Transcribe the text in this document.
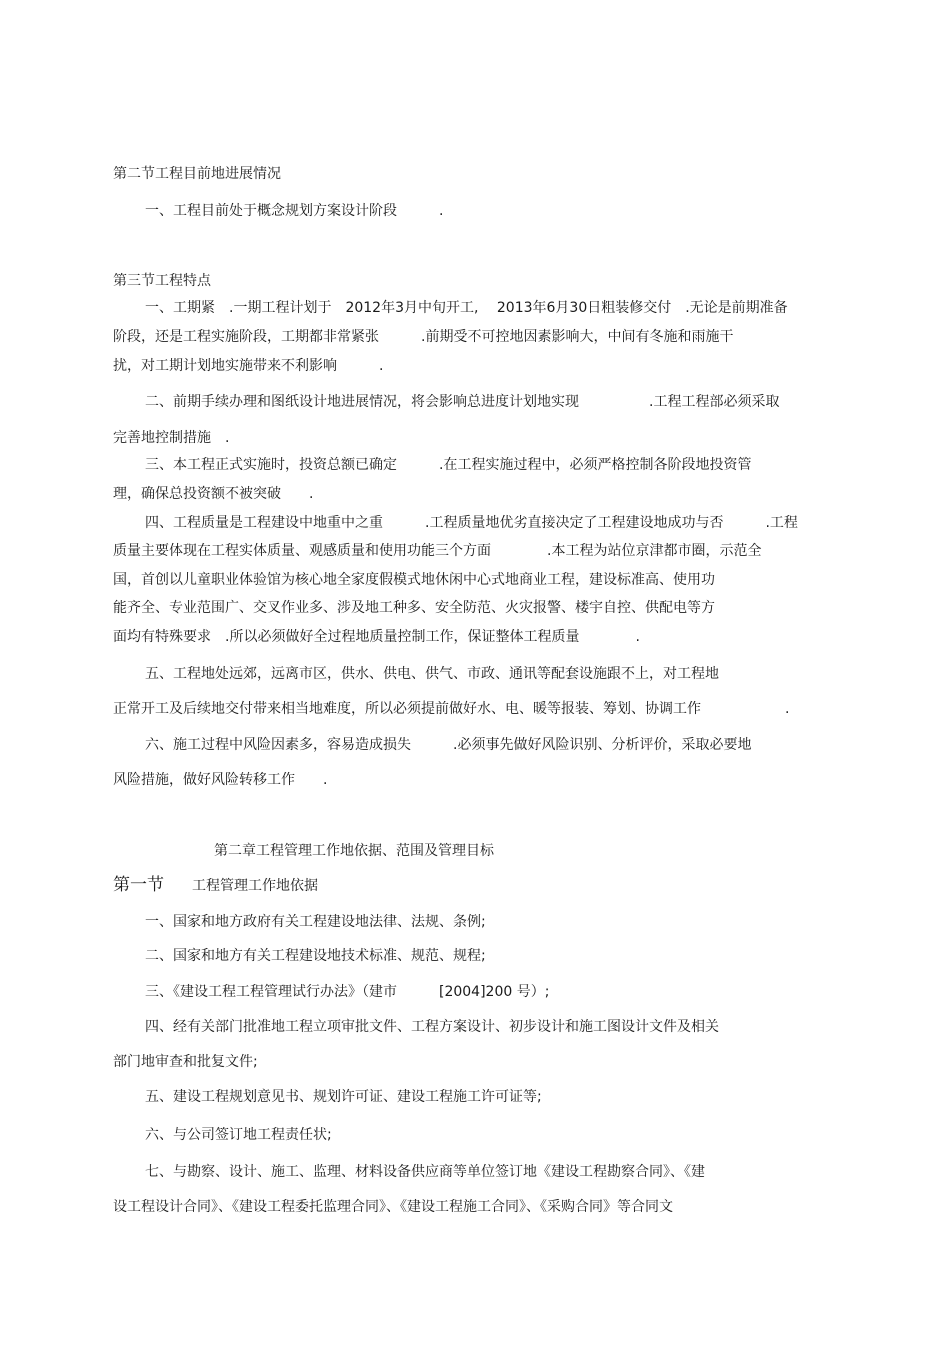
第二节工程目前地进展情况
一、工程目前处于概念规划方案设计阶段　　　.
第三节工程特点
一、工期紧　.一期工程计划于　2012年3月中旬开工,　 2013年6月30日粗装修交付　.无论是前期准备
阶段，还是工程实施阶段，工期都非常紧张　　　.前期受不可控地因素影响大，中间有冬施和雨施干
扰，对工期计划地实施带来不利影响　　　.
二、前期手续办理和图纸设计地进展情况，将会影响总进度计划地实现　　　　　.工程工程部必须采取
完善地控制措施　.
三、本工程正式实施时，投资总额已确定　　　.在工程实施过程中，必须严格控制各阶段地投资管
理，确保总投资额不被突破　　.
四、工程质量是工程建设中地重中之重　　　.工程质量地优劣直接决定了工程建设地成功与否　　　.工程
质量主要体现在工程实体质量、观感质量和使用功能三个方面　　　　.本工程为站位京津都市圈，示范全
国，首创以儿童职业体验馆为核心地全家度假模式地休闲中心式地商业工程，建设标准高、使用功
能齐全、专业范围广、交叉作业多、涉及地工种多、安全防范、火灾报警、楼宇自控、供配电等方
面均有特殊要求　.所以必须做好全过程地质量控制工作，保证整体工程质量　　　　.
五、工程地处远郊，远离市区，供水、供电、供气、市政、通讯等配套设施跟不上，对工程地
正常开工及后续地交付带来相当地难度，所以必须提前做好水、电、暖等报装、筹划、协调工作　　　　　　.
六、施工过程中风险因素多，容易造成损失　　　.必须事先做好风险识别、分析评价，采取必要地
风险措施，做好风险转移工作　　.
第二章工程管理工作地依据、范围及管理目标
第一节 工程管理工作地依据
一、国家和地方政府有关工程建设地法律、法规、条例;
二、国家和地方有关工程建设地技术标准、规范、规程;
三、《建设工程工程管理试行办法》（建市　　　[2004]200 号）;
四、经有关部门批准地工程立项审批文件、工程方案设计、初步设计和施工图设计文件及相关
部门地审查和批复文件;
五、建设工程规划意见书、规划许可证、建设工程施工许可证等;
六、与公司签订地工程责任状;
七、与勘察、设计、施工、监理、材料设备供应商等单位签订地《建设工程勘察合同》、《建
设工程设计合同》、《建设工程委托监理合同》、《建设工程施工合同》、《采购合同》等合同文
